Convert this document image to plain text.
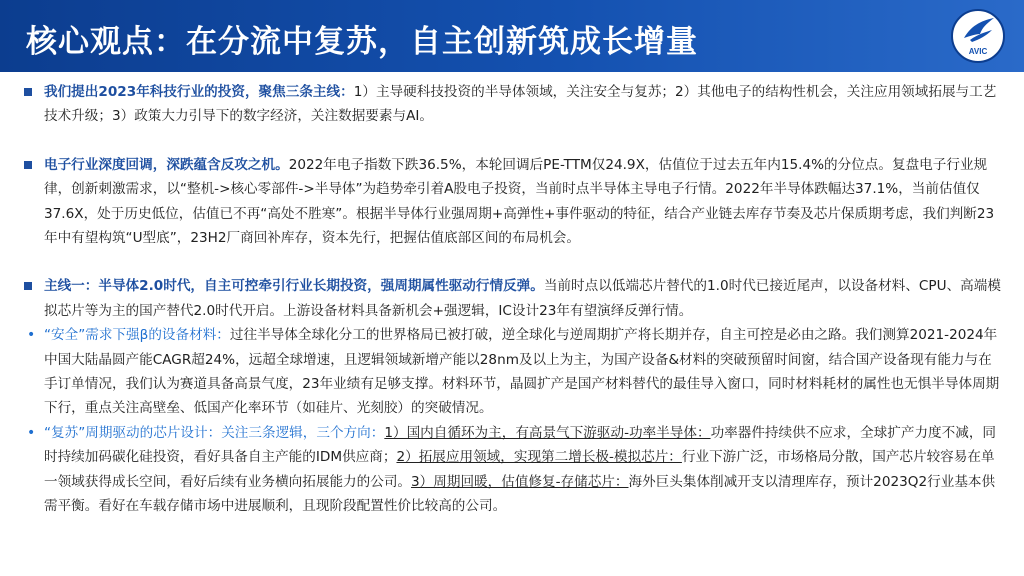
核心观点：在分流中复苏，自主创新筑成长增量	AVIC

我们提出2023年科技行业的投资，聚焦三条主线：1）主导硬科技投资的半导体领域，关注安全与复苏；2）其他电子的结构性机会，关注应用领域拓展与工艺技术升级；3）政策大力引导下的数字经济，关注数据要素与AI。

电子行业深度回调，深跌蕴含反攻之机。2022年电子指数下跌36.5%，本轮回调后PE-TTM仅24.9X，估值位于过去五年内15.4%的分位点。复盘电子行业规律，创新刺激需求，以“整机->核心零部件->半导体”为趋势牵引着A股电子投资，当前时点半导体主导电子行情。2022年半导体跌幅达37.1%，当前估值仅37.6X，处于历史低位，估值已不再“高处不胜寒”。根据半导体行业强周期+高弹性+事件驱动的特征，结合产业链去库存节奏及芯片保质期考虑，我们判断23年中有望构筑“U型底”，23H2厂商回补库存，资本先行，把握估值底部区间的布局机会。

主线一：半导体2.0时代，自主可控牵引行业长期投资，强周期属性驱动行情反弹。当前时点以低端芯片替代的1.0时代已接近尾声，以设备材料、CPU、高端模拟芯片等为主的国产替代2.0时代开启。上游设备材料具备新机会+强逻辑，IC设计23年有望演绎反弹行情。

• “安全”需求下强β的设备材料：过往半导体全球化分工的世界格局已被打破，逆全球化与逆周期扩产将长期并存，自主可控是必由之路。我们测算2021-2024年中国大陆晶圆产能CAGR超24%，远超全球增速，且逻辑领域新增产能以28nm及以上为主，为国产设备&材料的突破预留时间窗，结合国产设备现有能力与在手订单情况，我们认为赛道具备高景气度，23年业绩有足够支撑。材料环节，晶圆扩产是国产材料替代的最佳导入窗口，同时材料耗材的属性也无惧半导体周期下行，重点关注高壁垒、低国产化率环节（如硅片、光刻胶）的突破情况。

• “复苏”周期驱动的芯片设计：关注三条逻辑，三个方向：1）国内自循环为主，有高景气下游驱动-功率半导体：功率器件持续供不应求，全球扩产力度不减，同时持续加码碳化硅投资，看好具备自主产能的IDM供应商；2）拓展应用领域，实现第二增长极-模拟芯片：行业下游广泛，市场格局分散，国产芯片较容易在单一领域获得成长空间，看好后续有业务横向拓展能力的公司。3）周期回暖，估值修复-存储芯片：海外巨头集体削减开支以清理库存，预计2023Q2行业基本供需平衡。看好在车载存储市场中进展顺利，且现阶段配置性价比较高的公司。
